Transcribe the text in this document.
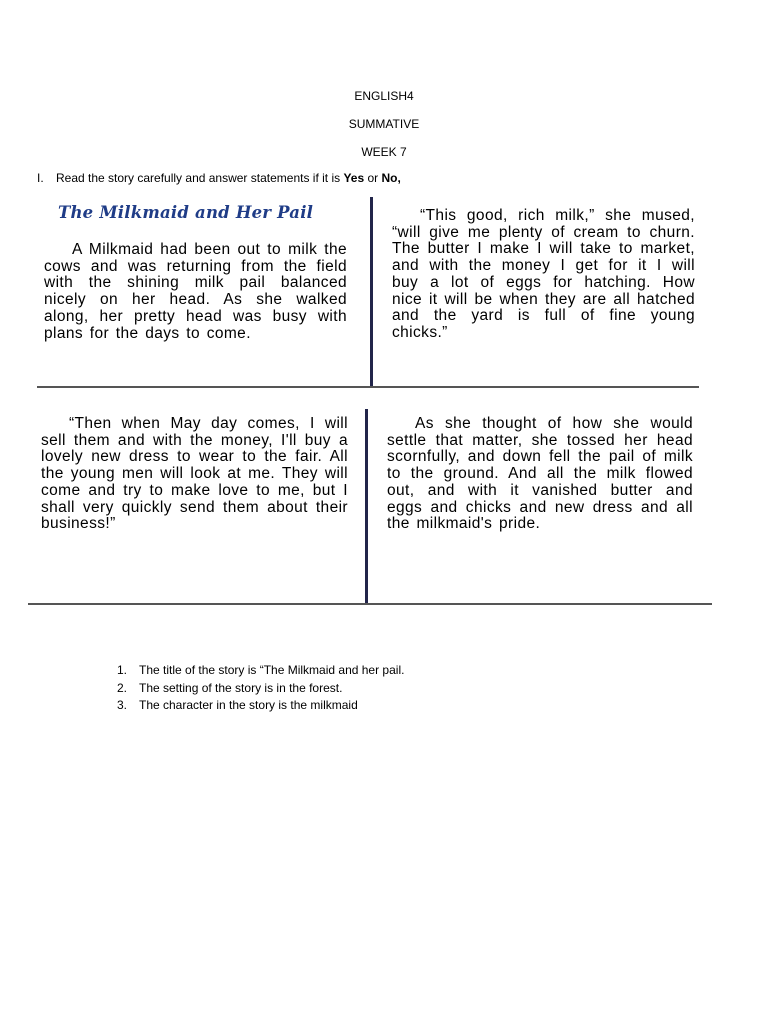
ENGLISH4
SUMMATIVE
WEEK 7
I. Read the story carefully and answer statements if it is Yes or No,
The Milkmaid and Her Pail
A Milkmaid had been out to milk the cows and was returning from the field with the shining milk pail balanced nicely on her head. As she walked along, her pretty head was busy with plans for the days to come.
“This good, rich milk,” she mused, “will give me plenty of cream to churn. The butter I make I will take to market, and with the money I get for it I will buy a lot of eggs for hatching. How nice it will be when they are all hatched and the yard is full of fine young chicks.”
“Then when May day comes, I will sell them and with the money, I'll buy a lovely new dress to wear to the fair. All the young men will look at me. They will come and try to make love to me, but I shall very quickly send them about their business!”
As she thought of how she would settle that matter, she tossed her head scornfully, and down fell the pail of milk to the ground. And all the milk flowed out, and with it vanished butter and eggs and chicks and new dress and all the milkmaid's pride.
1. The title of the story is “The Milkmaid and her pail.
2. The setting of the story is in the forest.
3. The character in the story is the milkmaid
